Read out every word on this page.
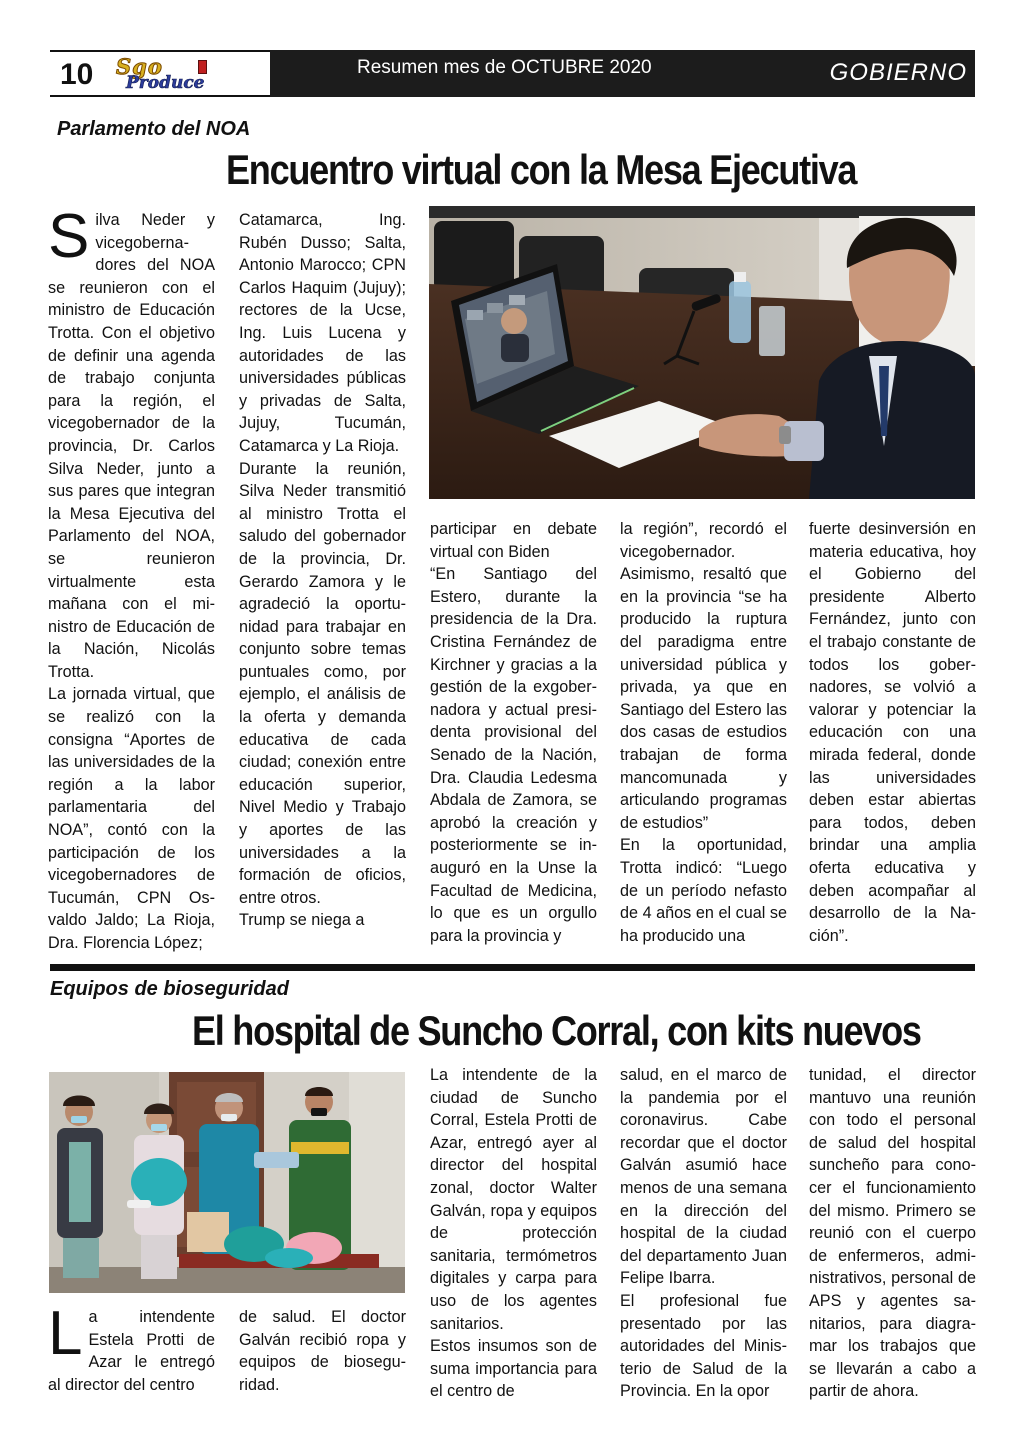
10 Sgo
Produce
Resumen mes de OCTUBRE 2020	GOBIERNO
Parlamento del NOA
Encuentro virtual con la Mesa Ejecutiva
Silva Neder y vicegobernadores del NOA se reunieron con el ministro de Educación Trotta. Con el objetivo de definir una agenda de trabajo conjunta para la región, el vicegobernador de la provincia, Dr. Carlos Silva Neder, junto a sus pares que integran la Mesa Ejecutiva del Parlamento del NOA, se reunieron virtualmente esta mañana con el ministro de Educación de la Nación, Nicolás Trotta.
La jornada virtual, que se realizó con la consigna “Aportes de las universidades de la región a la labor parlamentaria del NOA”, contó con la participación de los vicegobernadores de Tucumán, CPN Osvaldo Jaldo; La Rioja, Dra. Florencia López;
Catamarca, Ing. Rubén Dusso; Salta, Antonio Marocco; CPN Carlos Haquim (Jujuy); rectores de la Ucse, Ing. Luis Lucena y autoridades de las universidades públicas y privadas de Salta, Jujuy, Tucumán, Catamarca y La Rioja.
Durante la reunión, Silva Neder transmitió al ministro Trotta el saludo del gobernador de la provincia, Dr. Gerardo Zamora y le agradeció la oportunidad para trabajar en conjunto sobre temas puntuales como, por ejemplo, el análisis de la oferta y demanda educativa de cada ciudad; conexión entre educación superior, Nivel Medio y Trabajo y aportes de las universidades a la formación de oficios, entre otros.
Trump se niega a
participar en debate virtual con Biden
“En Santiago del Estero, durante la presidencia de la Dra. Cristina Fernández de Kirchner y gracias a la gestión de la exgobernadora y actual presidenta provisional del Senado de la Nación, Dra. Claudia Ledesma Abdala de Zamora, se aprobó la creación y posteriormente se inauguró en la Unse la Facultad de Medicina, lo que es un orgullo para la provincia y
la región”, recordó el vicegobernador.
Asimismo, resaltó que en la provincia “se ha producido la ruptura del paradigma entre universidad pública y privada, ya que en Santiago del Estero las dos casas de estudios trabajan de forma mancomunada y articulando programas de estudios”
En la oportunidad, Trotta indicó: “Luego de un período nefasto de 4 años en el cual se ha producido una
fuerte desinversión en materia educativa, hoy el Gobierno del presidente Alberto Fernández, junto con el trabajo constante de todos los gobernadores, se volvió a valorar y potenciar la educación con una mirada federal, donde las universidades deben estar abiertas para todos, deben brindar una amplia oferta educativa y deben acompañar al desarrollo de la Nación”.
Equipos de bioseguridad
El hospital de Suncho Corral, con kits nuevos
La intendente Estela Protti de Azar le entregó al director del centro
de salud. El doctor Galván recibió ropa y equipos de bioseguridad.
La intendente de la ciudad de Suncho Corral, Estela Protti de Azar, entregó ayer al director del hospital zonal, doctor Walter Galván, ropa y equipos de protección sanitaria, termómetros digitales y carpa para uso de los agentes sanitarios.
Estos insumos son de suma importancia para el centro de
salud, en el marco de la pandemia por el coronavirus. Cabe recordar que el doctor Galván asumió hace menos de una semana en la dirección del hospital de la ciudad del departamento Juan Felipe Ibarra.
El profesional fue presentado por las autoridades del Ministerio de Salud de la Provincia. En la opor
tunidad, el director mantuvo una reunión con todo el personal de salud del hospital suncheño para conocer el funcionamiento del mismo. Primero se reunió con el cuerpo de enfermeros, administrativos, personal de APS y agentes sanitarios, para diagramar los trabajos que se llevarán a cabo a partir de ahora.
